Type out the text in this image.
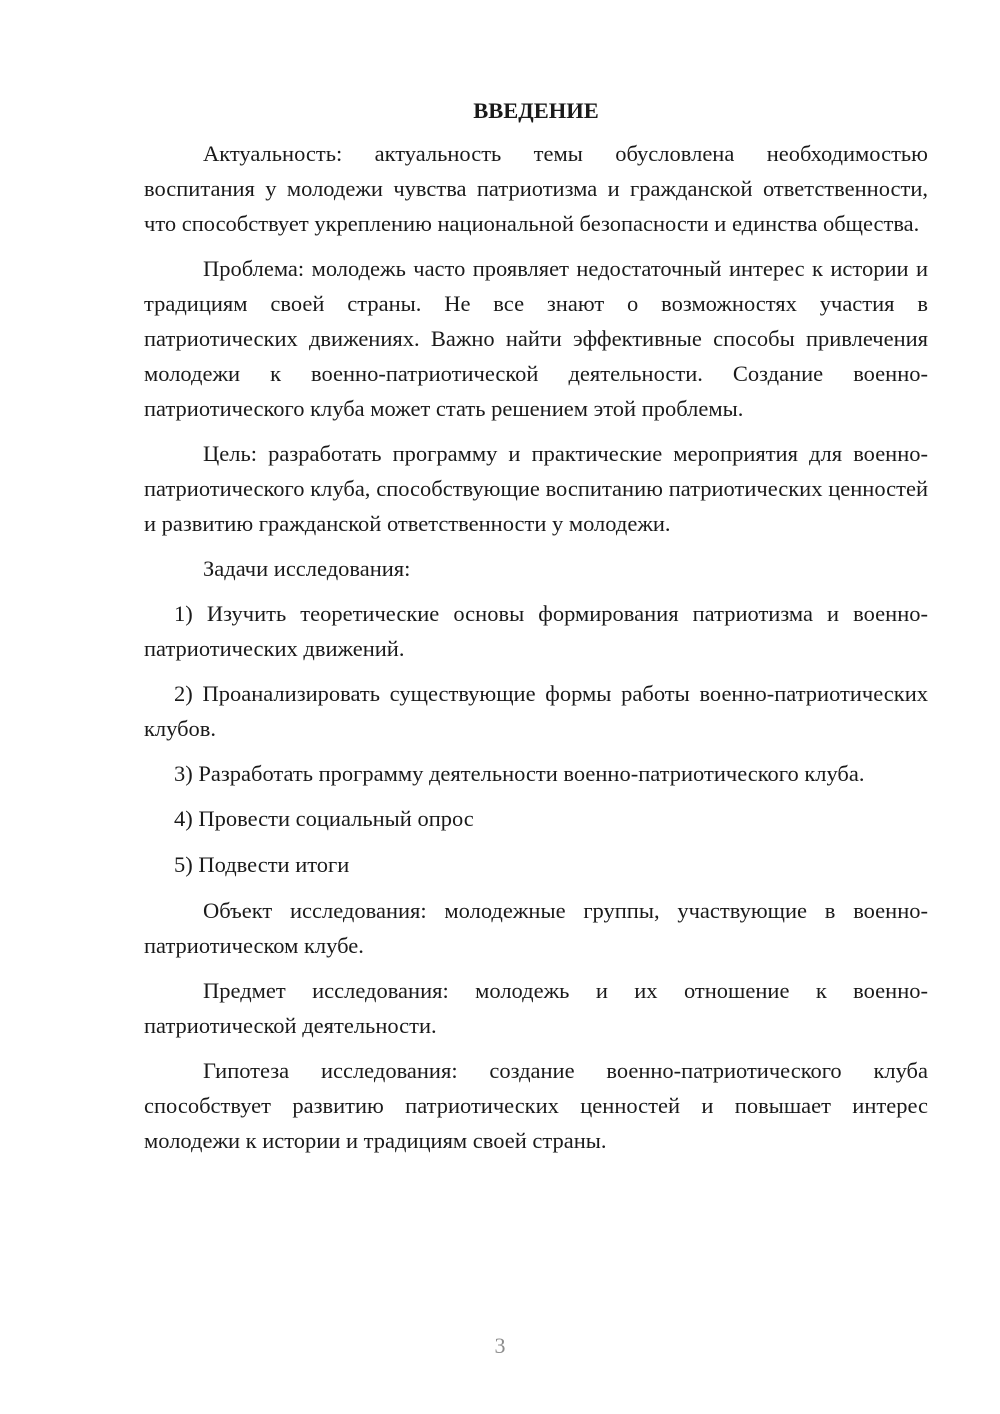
ВВЕДЕНИЕ

Актуальность: актуальность темы обусловлена необходимостью воспитания у молодежи чувства патриотизма и гражданской ответственности, что способствует укреплению национальной безопасности и единства общества.

Проблема: молодежь часто проявляет недостаточный интерес к истории и традициям своей страны. Не все знают о возможностях участия в патриотических движениях. Важно найти эффективные способы привлечения молодежи к военно-патриотической деятельности. Создание военно-патриотического клуба может стать решением этой проблемы.

Цель: разработать программу и практические мероприятия для военно-патриотического клуба, способствующие воспитанию патриотических ценностей и развитию гражданской ответственности у молодежи.

Задачи исследования:

1) Изучить теоретические основы формирования патриотизма и военно-патриотических движений.

2) Проанализировать существующие формы работы военно-патриотических клубов.

3) Разработать программу деятельности военно-патриотического клуба.

4) Провести социальный опрос

5) Подвести итоги

Объект исследования: молодежные группы, участвующие в военно-патриотическом клубе.

Предмет исследования: молодежь и их отношение к военно-патриотической деятельности.

Гипотеза исследования: создание военно-патриотического клуба способствует развитию патриотических ценностей и повышает интерес молодежи к истории и традициям своей страны.

3
